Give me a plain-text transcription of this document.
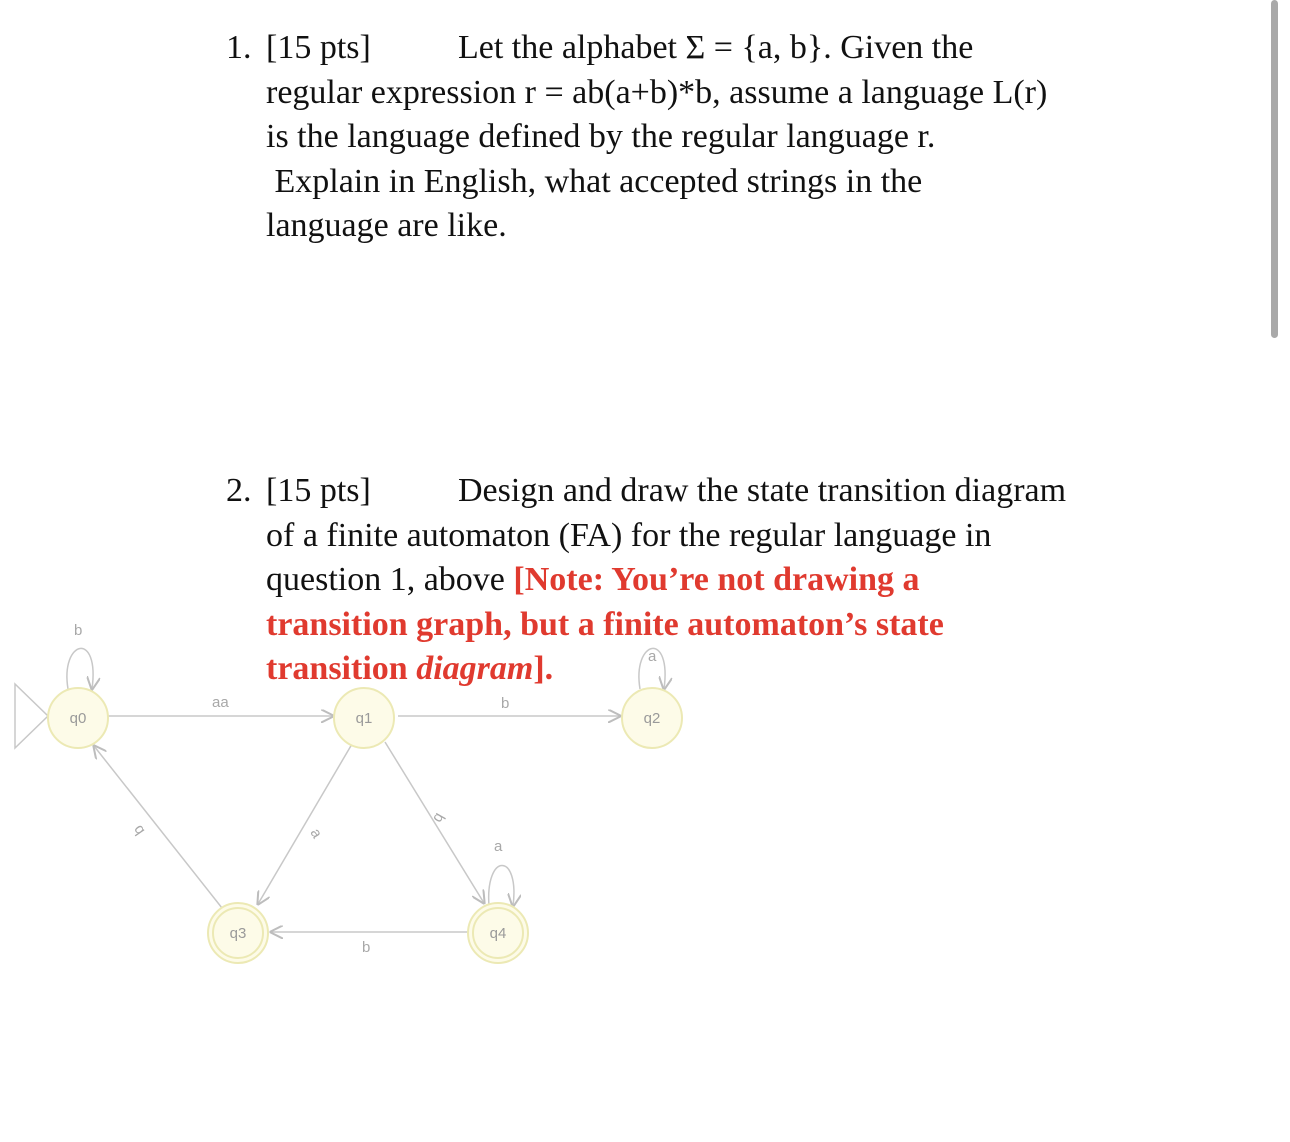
1. [15 pts]	Let the alphabet Σ = {a, b}. Given the
regular expression r = ab(a+b)*b, assume a language L(r)
is the language defined by the regular language r.
Explain in English, what accepted strings in the
language are like.
b
aa	b
a
a
b
a
b
b
q0	q1	q2
q3	q4
2. [15 pts]	Design and draw the state transition diagram
of a finite automaton (FA) for the regular language in
question 1, above [Note: You’re not drawing a
transition graph, but a finite automaton’s state
transition diagram].
